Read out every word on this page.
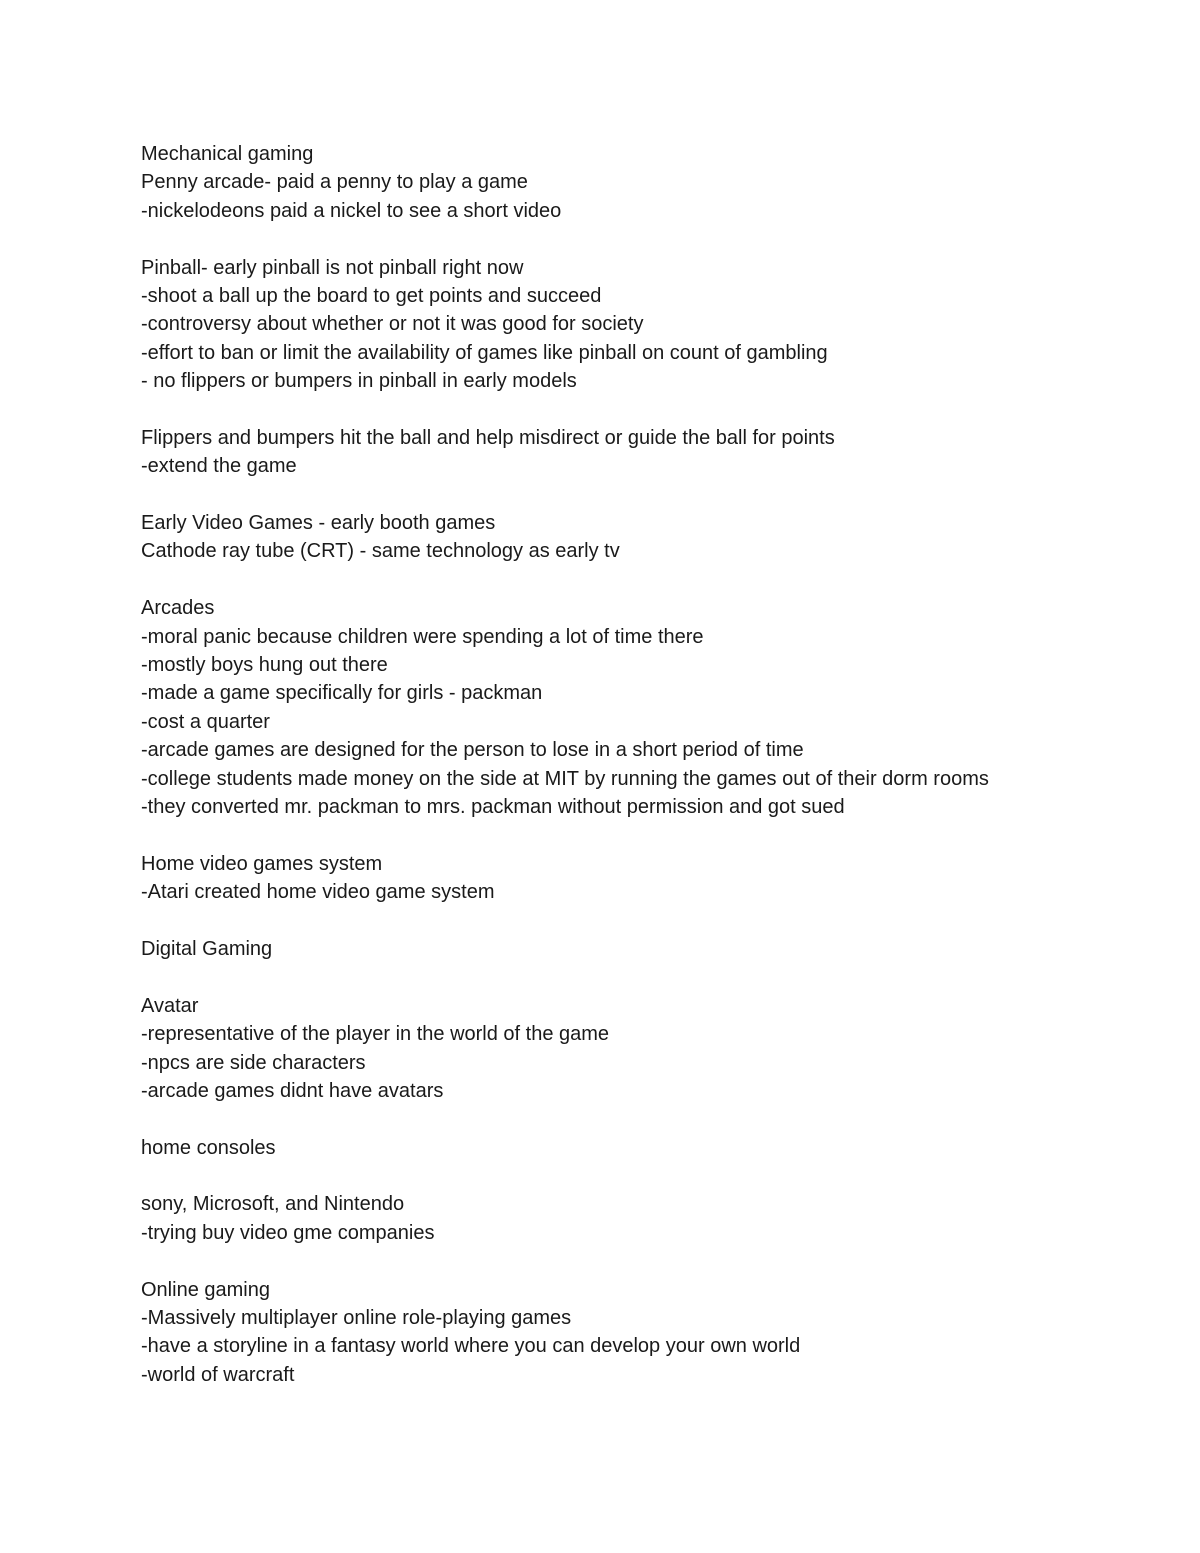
Mechanical gaming
Penny arcade- paid a penny to play a game
-nickelodeons paid a nickel to see a short video
Pinball- early pinball is not pinball right now
-shoot a ball up the board to get points and succeed
-controversy about whether or not it was good for society
-effort to ban or limit the availability of games like pinball on count of gambling
- no flippers or bumpers in pinball in early models
Flippers and bumpers hit the ball and help misdirect or guide the ball for points
-extend the game
Early Video Games - early booth games
Cathode ray tube (CRT) - same technology as early tv
Arcades
-moral panic because children were spending a lot of time there
-mostly boys hung out there
-made a game specifically for girls - packman
-cost a quarter
-arcade games are designed for the person to lose in a short period of time
-college students made money on the side at MIT by running the games out of their dorm rooms
-they converted mr. packman to mrs. packman without permission and got sued
Home video games system
-Atari created home video game system
Digital Gaming
Avatar
-representative of the player in the world of the game
-npcs are side characters
-arcade games didnt have avatars
home consoles
sony, Microsoft, and Nintendo
-trying buy video gme companies
Online gaming
-Massively multiplayer online role-playing games
-have a storyline in a fantasy world where you can develop your own world
-world of warcraft
